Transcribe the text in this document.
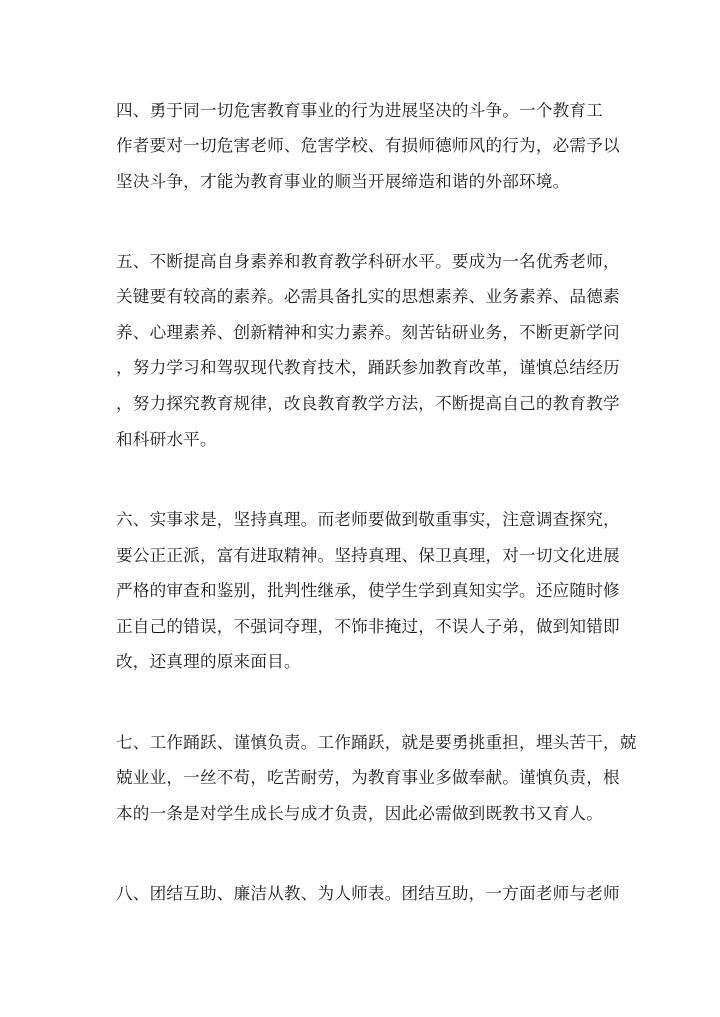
四、勇于同一切危害教育事业的行为进展坚决的斗争。一个教育工
作者要对一切危害老师、危害学校、有损师德师风的行为，必需予以
坚决斗争，才能为教育事业的顺当开展缔造和谐的外部环境。
五、不断提高自身素养和教育教学科研水平。要成为一名优秀老师，
关键要有较高的素养。必需具备扎实的思想素养、业务素养、品德素
养、心理素养、创新精神和实力素养。刻苦钻研业务，不断更新学问
，努力学习和驾驭现代教育技术，踊跃参加教育改革，谨慎总结经历
，努力探究教育规律，改良教育教学方法，不断提高自己的教育教学
和科研水平。
六、实事求是，坚持真理。而老师要做到敬重事实，注意调查探究，
要公正正派，富有进取精神。坚持真理、保卫真理，对一切文化进展
严格的审查和鉴别，批判性继承，使学生学到真知实学。还应随时修
正自己的错误，不强词夺理，不饰非掩过，不误人子弟，做到知错即
改，还真理的原来面目。
七、工作踊跃、谨慎负责。工作踊跃，就是要勇挑重担，埋头苦干，兢
兢业业，一丝不苟，吃苦耐劳，为教育事业多做奉献。谨慎负责，根
本的一条是对学生成长与成才负责，因此必需做到既教书又育人。
八、团结互助、廉洁从教、为人师表。团结互助，一方面老师与老师
